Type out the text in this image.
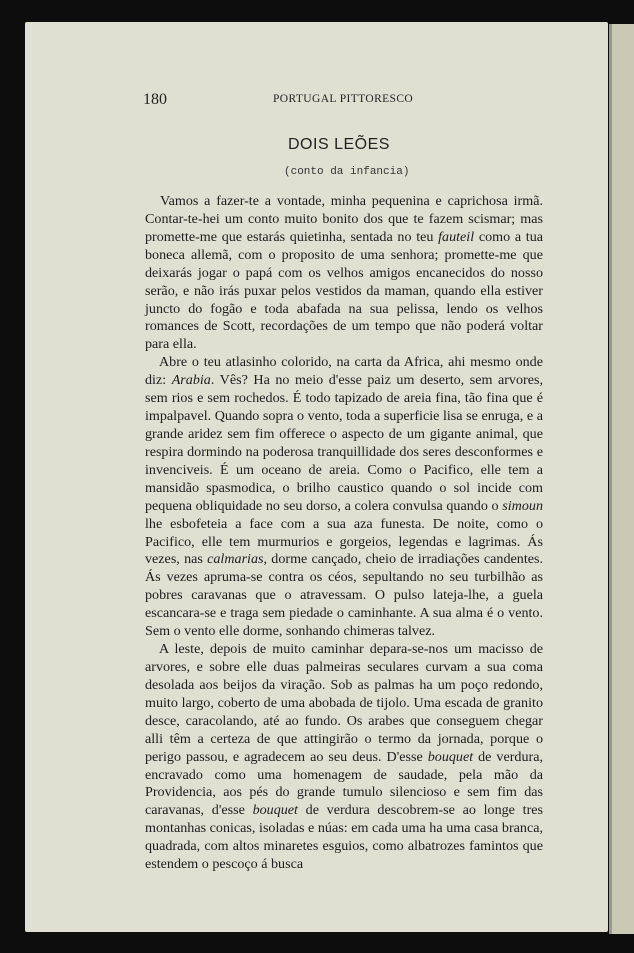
180	PORTUGAL PITTORESCO
DOIS LEÕES
(conto da infancia)

Vamos a fazer-te a vontade, minha pequenina e caprichosa irmã. Contar-te-hei um conto muito bonito dos que te fazem scismar; mas promette-me que estarás quietinha, sentada no teu fauteil como a tua boneca allemã, com o proposito de uma senhora; promette-me que deixarás jogar o papá com os velhos amigos encanecidos do nosso serão, e não irás puxar pelos vestidos da maman, quando ella estiver juncto do fogão e toda abafada na sua pelissa, lendo os velhos romances de Scott, recordações de um tempo que não poderá voltar para ella.

Abre o teu atlasinho colorido, na carta da Africa, ahi mesmo onde diz: Arabia. Vês? Ha no meio d'esse paiz um deserto, sem arvores, sem rios e sem rochedos. É todo tapizado de areia fina, tão fina que é impalpavel. Quando sopra o vento, toda a superficie lisa se enruga, e a grande aridez sem fim offerece o aspecto de um gigante animal, que respira dormindo na poderosa tranquillidade dos seres desconformes e invenciveis. É um oceano de areia. Como o Pacifico, elle tem a mansidão spasmodica, o brilho caustico quando o sol incide com pequena obliquidade no seu dorso, a colera convulsa quando o simoun lhe esbofeteia a face com a sua aza funesta. De noite, como o Pacifico, elle tem murmurios e gorgeios, legendas e lagrimas. Ás vezes, nas calmarias, dorme cançado, cheio de irradiações candentes. Ás vezes apruma-se contra os céos, sepultando no seu turbilhão as pobres caravanas que o atravessam. O pulso lateja-lhe, a guela escancara-se e traga sem piedade o caminhante. A sua alma é o vento. Sem o vento elle dorme, sonhando chimeras talvez.

A leste, depois de muito caminhar depara-se-nos um macisso de arvores, e sobre elle duas palmeiras seculares curvam a sua coma desolada aos beijos da viração. Sob as palmas ha um poço redondo, muito largo, coberto de uma abobada de tijolo. Uma escada de granito desce, caracolando, até ao fundo. Os arabes que conseguem chegar alli têm a certeza de que attingirão o termo da jornada, porque o perigo passou, e agradecem ao seu deus. D'esse bouquet de verdura, encravado como uma homenagem de saudade, pela mão da Providencia, aos pés do grande tumulo silencioso e sem fim das caravanas, d'esse bouquet de verdura descobrem-se ao longe tres montanhas conicas, isoladas e núas: em cada uma ha uma casa branca, quadrada, com altos minaretes esguios, como albatrozes famintos que estendem o pescoço á busca
